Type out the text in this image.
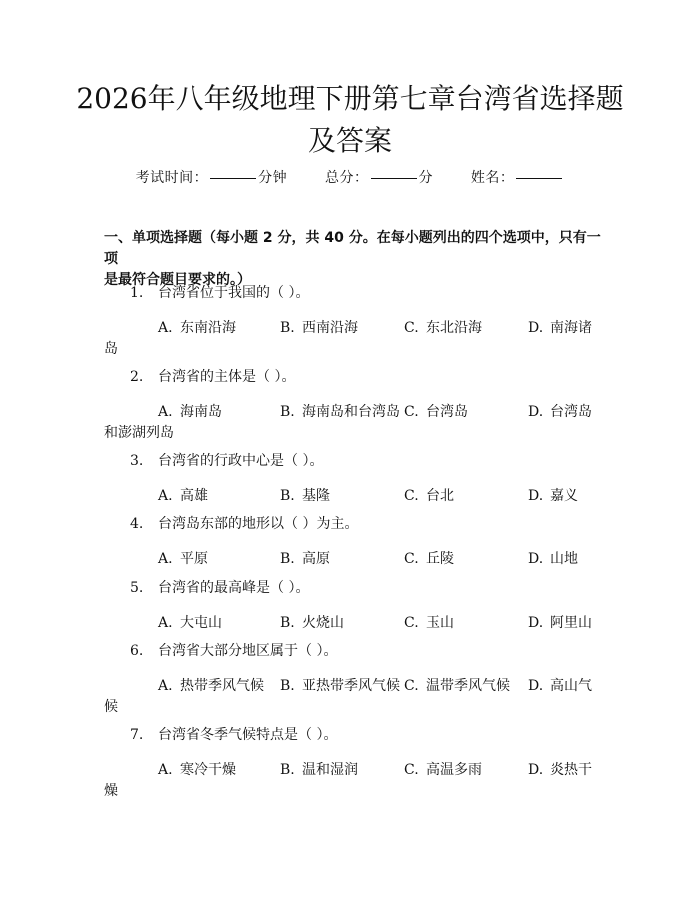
2026年八年级地理下册第七章台湾省选择题
及答案
考试时间：	分钟	总分：	分	姓名：
一、单项选择题（每小题 2 分，共 40 分。在每小题列出的四个选项中，只有一项
是最符合题目要求的。）
1. 台湾省位于我国的（ ）。
A. 东南沿海	B. 西南沿海	C. 东北沿海	D. 南海诸
岛
2. 台湾省的主体是（ ）。
A. 海南岛	B. 海南岛和台湾岛 C. 台湾岛	D. 台湾岛
和澎湖列岛
3. 台湾省的行政中心是（ ）。
A. 高雄	B. 基隆	C. 台北	D. 嘉义
4. 台湾岛东部的地形以（ ）为主。
A. 平原	B. 高原	C. 丘陵	D. 山地
5. 台湾省的最高峰是（ ）。
A. 大屯山	B. 火烧山	C. 玉山	D. 阿里山
6. 台湾省大部分地区属于（ ）。
A. 热带季风气候 B. 亚热带季风气候 C. 温带季风气候 D. 高山气
候
7. 台湾省冬季气候特点是（ ）。
A. 寒冷干燥	B. 温和湿润	C. 高温多雨	D. 炎热干
燥
